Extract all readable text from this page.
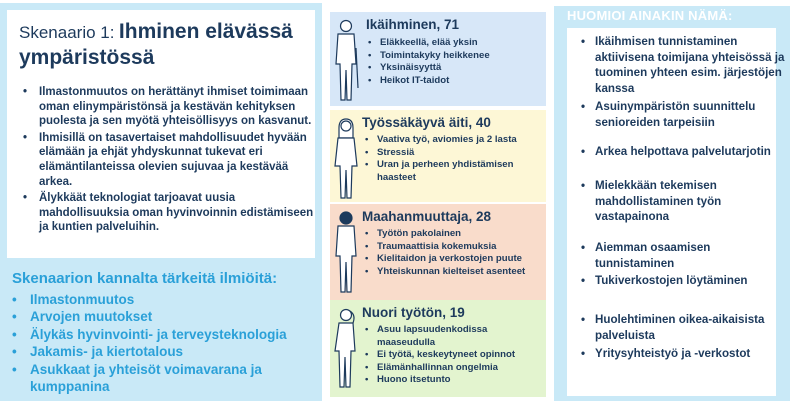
Skenaario 1: Ihminen elävässä ympäristössä
• Ilmastonmuutos on herättänyt ihmiset toimimaan oman elinympäristönsä ja kestävän kehityksen puolesta ja sen myötä yhteisöllisyys on kasvanut.
• Ihmisillä on tasavertaiset mahdollisuudet hyvään elämään ja ehjät yhdyskunnat tukevat eri elämäntilanteissa olevien sujuvaa ja kestävää arkea.
• Älykkäät teknologiat tarjoavat uusia mahdollisuuksia oman hyvinvoinnin edistämiseen ja kuntien palveluihin.
Skenaarion kannalta tärkeitä ilmiöitä:
• Ilmastonmuutos
• Arvojen muutokset
• Älykäs hyvinvointi- ja terveysteknologia
• Jakamis- ja kiertotalous
• Asukkaat ja yhteisöt voimavarana ja kumppanina
Ikäihminen, 71
• Eläkkeellä, elää yksin
• Toimintakyky heikkenee
• Yksinäisyyttä
• Heikot IT-taidot
Työssäkäyvä äiti, 40
• Vaativa työ, aviomies ja 2 lasta
• Stressiä
• Uran ja perheen yhdistämisen haasteet
Maahanmuuttaja, 28
• Työtön pakolainen
• Traumaattisia kokemuksia
• Kielitaidon ja verkostojen puute
• Yhteiskunnan kielteiset asenteet
Nuori työtön, 19
• Asuu lapsuudenkodissa maaseudulla
• Ei työtä, keskeytyneet opinnot
• Elämänhallinnan ongelmia
• Huono itsetunto
HUOMIOI AINAKIN NÄMÄ:
• Ikäihmisen tunnistaminen aktiivisena toimijana yhteisössä ja tuominen yhteen esim. järjestöjen kanssa
• Asuinympäristön suunnittelu senioreiden tarpeisiin
• Arkea helpottava palvelutarjotin
• Mielekkään tekemisen mahdollistaminen työn vastapainona
• Aiemman osaamisen tunnistaminen
• Tukiverkostojen löytäminen
• Huolehtiminen oikea-aikaisista palveluista
• Yritysyhteistyö ja -verkostot
